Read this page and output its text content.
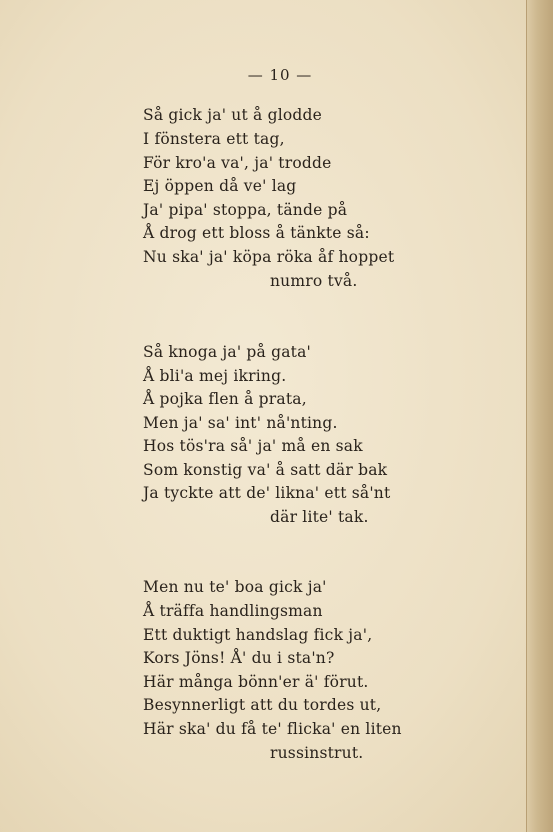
— 10 —
Så gick ja' ut å glodde
I fönstera ett tag,
För kro'a va', ja' trodde
Ej öppen då ve' lag
Ja' pipa' stoppa, tände på
Å drog ett bloss å tänkte så:
Nu ska' ja' köpa röka åf hoppet
numro två.
Så knoga ja' på gata'
Å bli'a mej ikring.
Å pojka flen å prata,
Men ja' sa' int' nå'nting.
Hos tös'ra så' ja' må en sak
Som konstig va' å satt där bak
Ja tyckte att de' likna' ett så'nt
där lite' tak.
Men nu te' boa gick ja'
Å träffa handlingsman
Ett duktigt handslag fick ja',
Kors Jöns! Å' du i sta'n?
Här många bönn'er ä' förut.
Besynnerligt att du tordes ut,
Här ska' du få te' flicka' en liten
russinstrut.
